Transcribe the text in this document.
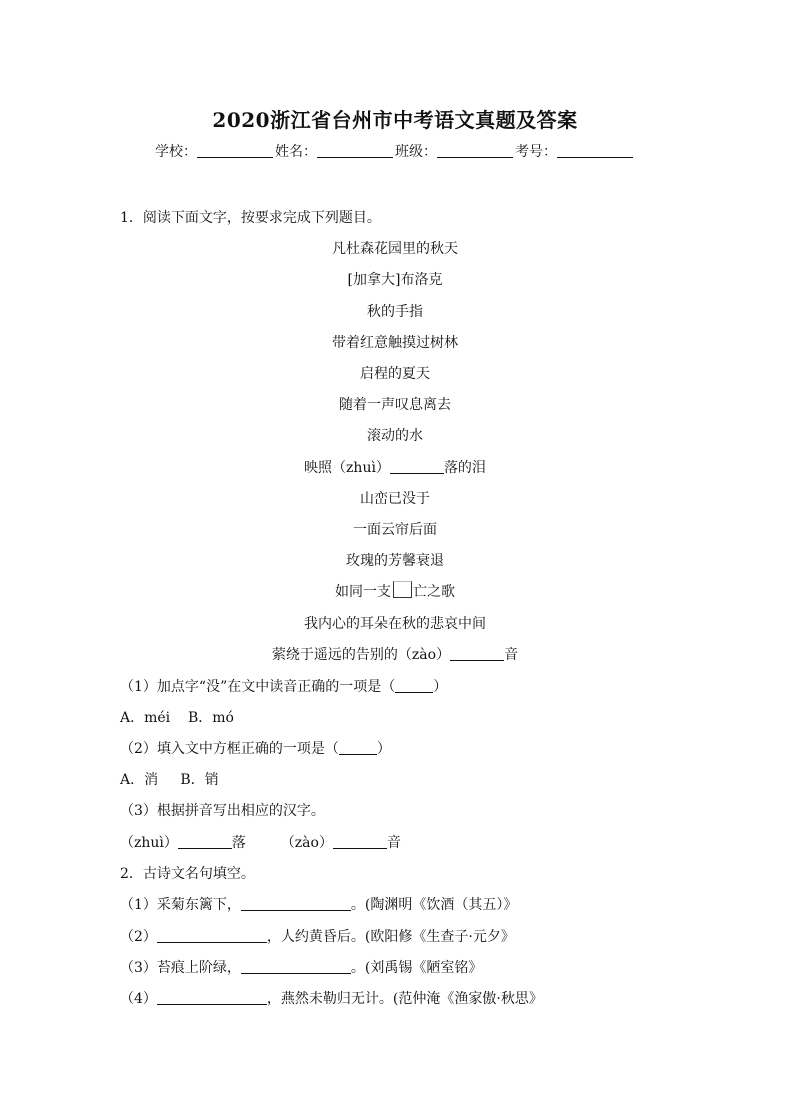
2020浙江省台州市中考语文真题及答案
学校：	姓名：	班级：	考号：
1．阅读下面文字，按要求完成下列题目。
凡杜森花园里的秋天
[加拿大]布洛克
秋的手指
带着红意触摸过树林
启程的夏天
随着一声叹息离去
滚动的水
映照（zhuì）	落的泪
山峦已没于
一面云帘后面
玫瑰的芳馨衰退
如同一支 亡之歌
我内心的耳朵在秋的悲哀中间
萦绕于遥远的告别的（zào）	音
（1）加点字“没”在文中读音正确的一项是（	）
A．méi    B．mó
（2）填入文中方框正确的一项是（	）
A．消     B．销
（3）根据拼音写出相应的汉字。
（zhuì）	落 （zào）	音
2．古诗文名句填空。
（1）采菊东篱下，	。(陶渊明《饮酒（其五）》
（2）	，人约黄昏后。(欧阳修《生查子·元夕》
（3）苔痕上阶绿，	。(刘禹锡《陋室铭》
（4）	，燕然未勒归无计。(范仲淹《渔家傲·秋思》
